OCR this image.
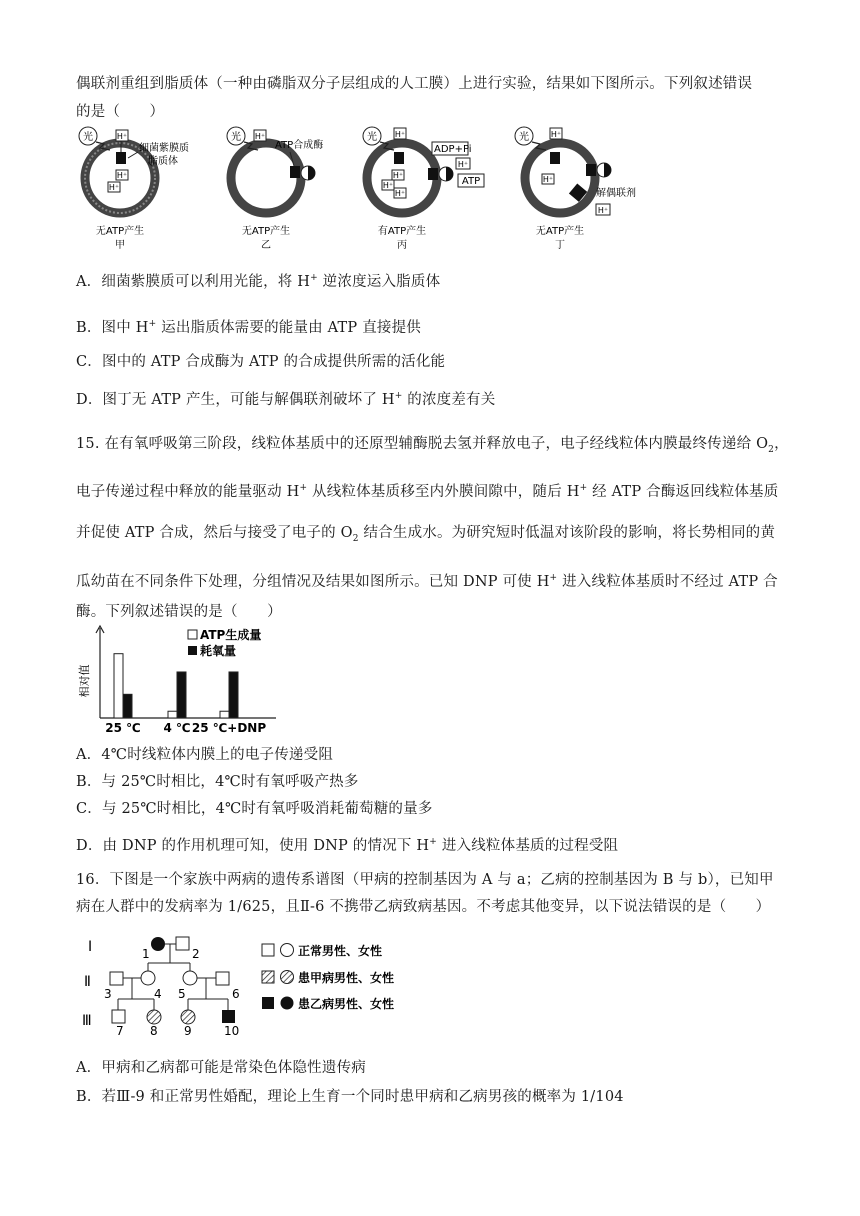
偶联剂重组到脂质体（一种由磷脂双分子层组成的人工膜）上进行实验，结果如下图所示。下列叙述错误
的是（　　）
光	H⁺
H⁺
H⁺
细菌紫膜质
脂质体
无ATP产生
甲
光 H⁺
ATP合成酶
无ATP产生
乙
光 H⁺
H⁺
H⁺
H⁺
ADP+Pi
H⁺
ATP
有ATP产生
丙
光	H⁺
H⁺
解偶联剂
H⁺
无ATP产生
丁
A．细菌紫膜质可以利用光能，将 H+ 逆浓度运入脂质体
B．图中 H+ 运出脂质体需要的能量由 ATP 直接提供
C．图中的 ATP 合成酶为 ATP 的合成提供所需的活化能
D．图丁无 ATP 产生，可能与解偶联剂破坏了 H+ 的浓度差有关
15. 在有氧呼吸第三阶段，线粒体基质中的还原型辅酶脱去氢并释放电子，电子经线粒体内膜最终传递给 $O_2$，
电子传递过程中释放的能量驱动 H+ 从线粒体基质移至内外膜间隙中，随后 H+ 经 ATP 合酶返回线粒体基质
并促使 ATP 合成，然后与接受了电子的 $O_2$ 结合生成水。为研究短时低温对该阶段的影响，将长势相同的黄
瓜幼苗在不同条件下处理，分组情况及结果如图所示。已知 DNP 可使 H+ 进入线粒体基质时不经过 ATP 合
酶。下列叙述错误的是（　　）
相对值
25 ℃ 4 ℃ 25 ℃+DNP
ATP生成量
耗氧量
A．4℃时线粒体内膜上的电子传递受阻
B．与 25℃时相比，4℃时有氧呼吸产热多
C．与 25℃时相比，4℃时有氧呼吸消耗葡萄糖的量多
D．由 DNP 的作用机理可知，使用 DNP 的情况下 H+ 进入线粒体基质的过程受阻
16．下图是一个家族中两病的遗传系谱图（甲病的控制基因为 A 与 a；乙病的控制基因为 B 与 b），已知甲
病在人群中的发病率为 1/625，且Ⅱ-6 不携带乙病致病基因。不考虑其他变异，以下说法错误的是（　　）
Ⅰ
Ⅱ
Ⅲ
1	2
3	4 5	6
7 8 9	10
正常男性、女性
患甲病男性、女性
患乙病男性、女性
A．甲病和乙病都可能是常染色体隐性遗传病
B．若Ⅲ-9 和正常男性婚配，理论上生育一个同时患甲病和乙病男孩的概率为 1/104
